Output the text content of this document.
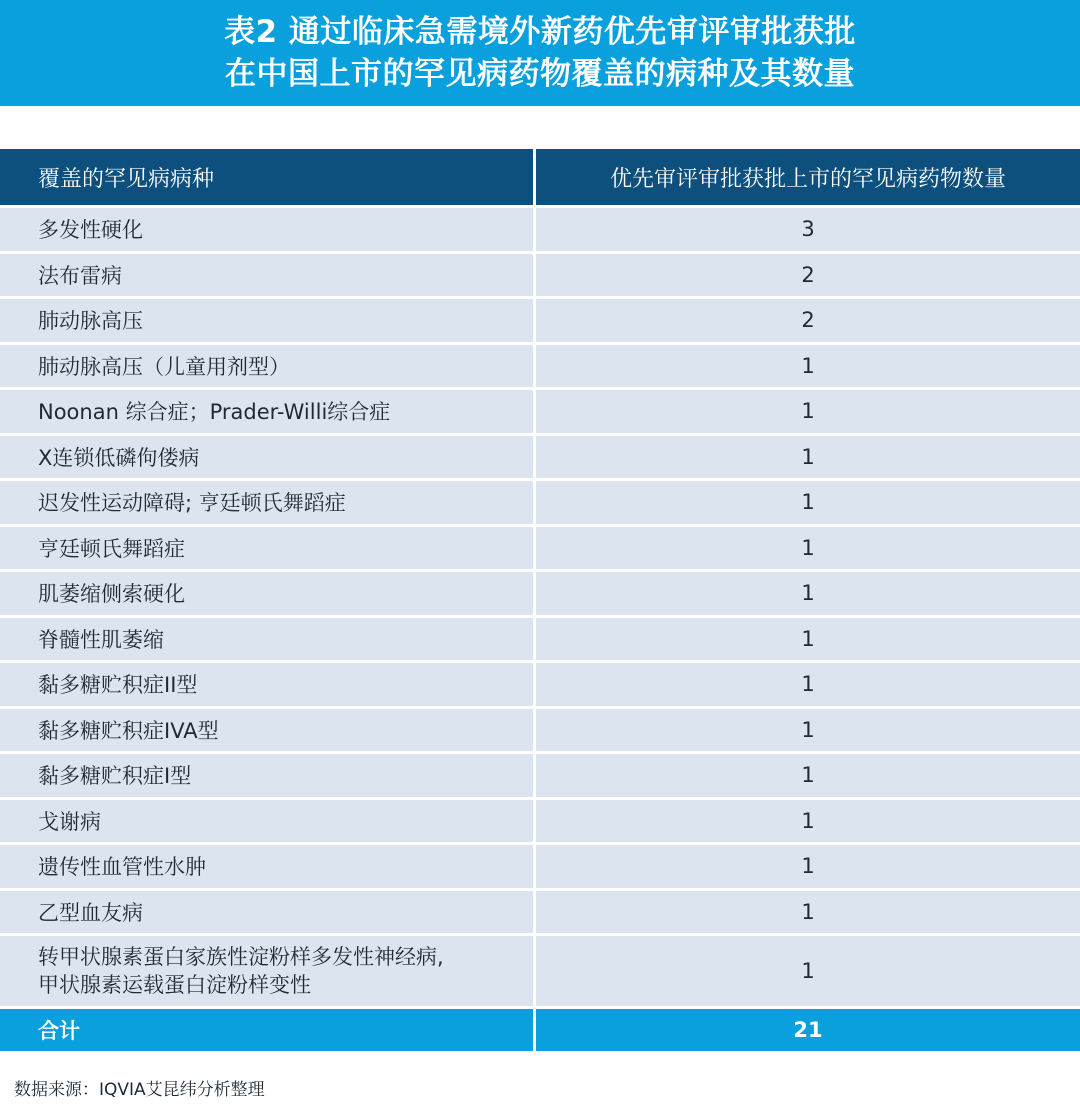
表2 通过临床急需境外新药优先审评审批获批
在中国上市的罕见病药物覆盖的病种及其数量
覆盖的罕见病病种	优先审评审批获批上市的罕见病药物数量
多发性硬化	3
法布雷病	2
肺动脉高压	2
肺动脉高压（儿童用剂型）	1
Noonan 综合症；Prader-Willi综合症	1
X连锁低磷佝偻病	1
迟发性运动障碍; 亨廷顿氏舞蹈症	1
亨廷顿氏舞蹈症	1
肌萎缩侧索硬化	1
脊髓性肌萎缩	1
黏多糖贮积症II型	1
黏多糖贮积症IVA型	1
黏多糖贮积症I型	1
戈谢病	1
遗传性血管性水肿	1
乙型血友病	1

转甲状腺素蛋白家族性淀粉样多发性神经病,
甲状腺素运载蛋白淀粉样变性	1
合计	21
数据来源：IQVIA艾昆纬分析整理
